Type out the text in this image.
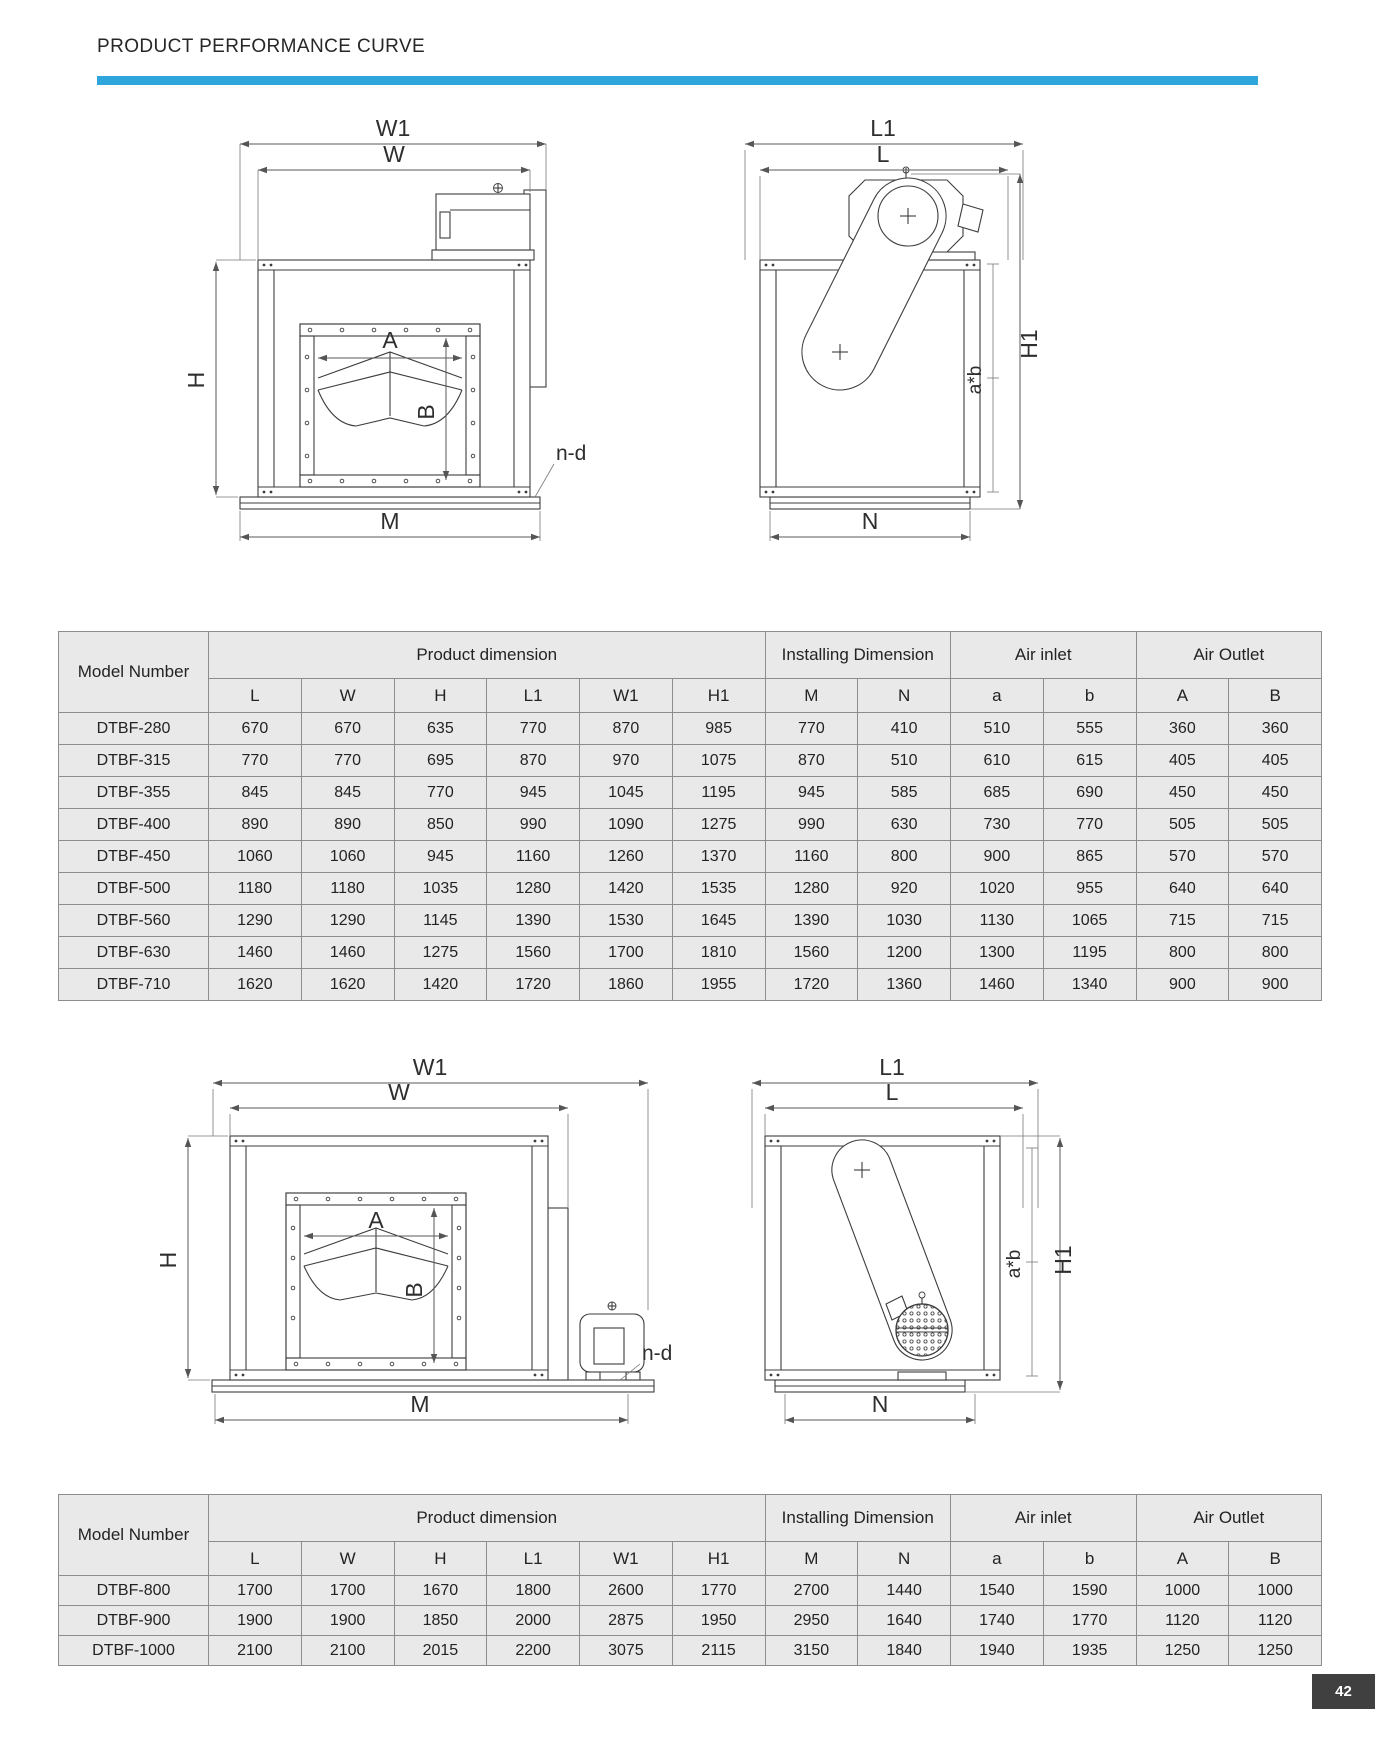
PRODUCT PERFORMANCE CURVE
W1
W
H
A
B
M
n-d
L1
L
a*b
H1
N
Model Number	Product dimension						Installing Dimension		Air inlet		Air Outlet	
	L	W	H	L1	W1	H1	M	N	a	b	A	B
DTBF-280	670	670	635	770	870	985	770	410	510	555	360	360
DTBF-315	770	770	695	870	970	1075	870	510	610	615	405	405
DTBF-355	845	845	770	945	1045	1195	945	585	685	690	450	450
DTBF-400	890	890	850	990	1090	1275	990	630	730	770	505	505
DTBF-450	1060	1060	945	1160	1260	1370	1160	800	900	865	570	570
DTBF-500	1180	1180	1035	1280	1420	1535	1280	920	1020	955	640	640
DTBF-560	1290	1290	1145	1390	1530	1645	1390	1030	1130	1065	715	715
DTBF-630	1460	1460	1275	1560	1700	1810	1560	1200	1300	1195	800	800
DTBF-710	1620	1620	1420	1720	1860	1955	1720	1360	1460	1340	900	900
W1
W
H
A
B
M
n-d
L1
L
a*b H1
N
Model Number	Product dimension						Installing Dimension		Air inlet		Air Outlet	
	L	W	H	L1	W1	H1	M	N	a	b	A	B
DTBF-800	1700	1700	1670	1800	2600	1770	2700	1440	1540	1590	1000	1000
DTBF-900	1900	1900	1850	2000	2875	1950	2950	1640	1740	1770	1120	1120
DTBF-1000	2100	2100	2015	2200	3075	2115	3150	1840	1940	1935	1250	1250
42
